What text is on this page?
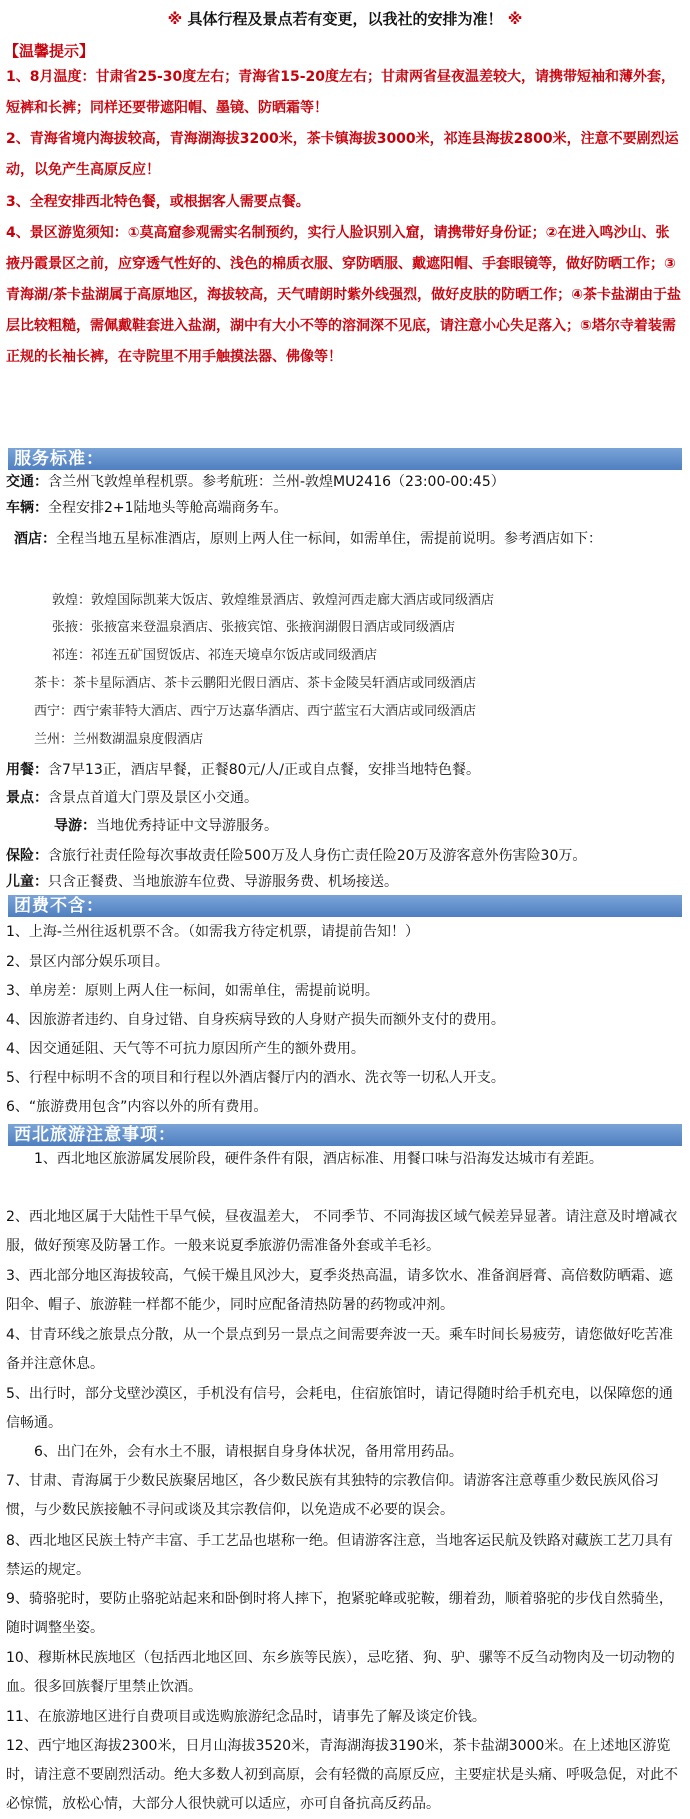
※ 具体行程及景点若有变更，以我社的安排为准！ ※
【温馨提示】
1、8月温度：甘肃省25-30度左右；青海省15-20度左右；甘肃两省昼夜温差较大，请携带短袖和薄外套，短裤和长裤；同样还要带遮阳帽、墨镜、防晒霜等！
2、青海省境内海拔较高，青海湖海拔3200米，茶卡镇海拔3000米，祁连县海拔2800米，注意不要剧烈运动，以免产生高原反应！
3、全程安排西北特色餐，或根据客人需要点餐。
4、景区游览须知：①莫高窟参观需实名制预约，实行人脸识别入窟，请携带好身份证；②在进入鸣沙山、张掖丹霞景区之前，应穿透气性好的、浅色的棉质衣服、穿防晒服、戴遮阳帽、手套眼镜等，做好防晒工作；③青海湖/茶卡盐湖属于高原地区，海拔较高，天气晴朗时紫外线强烈，做好皮肤的防晒工作；④茶卡盐湖由于盐层比较粗糙，需佩戴鞋套进入盐湖，湖中有大小不等的溶洞深不见底，请注意小心失足落入；⑤塔尔寺着装需正规的长袖长裤，在寺院里不用手触摸法器、佛像等！
服务标准：
交通：含兰州飞敦煌单程机票。参考航班：兰州-敦煌MU2416（23:00-00:45）
车辆：全程安排2+1陆地头等舱高端商务车。
酒店：全程当地五星标准酒店，原则上两人住一标间，如需单住，需提前说明。参考酒店如下：
敦煌：敦煌国际凯莱大饭店、敦煌维景酒店、敦煌河西走廊大酒店或同级酒店
张掖：张掖富来登温泉酒店、张掖宾馆、张掖润湖假日酒店或同级酒店
祁连：祁连五矿国贸饭店、祁连天境卓尔饭店或同级酒店
茶卡：茶卡星际酒店、茶卡云鹏阳光假日酒店、茶卡金陵吴轩酒店或同级酒店
西宁：西宁索菲特大酒店、西宁万达嘉华酒店、西宁蓝宝石大酒店或同级酒店
兰州：兰州数湖温泉度假酒店
用餐：含7早13正，酒店早餐，正餐80元/人/正或自点餐，安排当地特色餐。
景点：含景点首道大门票及景区小交通。
导游：当地优秀持证中文导游服务。
保险：含旅行社责任险每次事故责任险500万及人身伤亡责任险20万及游客意外伤害险30万。
儿童：只含正餐费、当地旅游车位费、导游服务费、机场接送。
团费不含：
1、上海-兰州往返机票不含。（如需我方待定机票，请提前告知！）
2、景区内部分娱乐项目。
3、单房差：原则上两人住一标间，如需单住，需提前说明。
4、因旅游者违约、自身过错、自身疾病导致的人身财产损失而额外支付的费用。
4、因交通延阻、天气等不可抗力原因所产生的额外费用。
5、行程中标明不含的项目和行程以外酒店餐厅内的酒水、洗衣等一切私人开支。
6、“旅游费用包含”内容以外的所有费用。
西北旅游注意事项：
1、西北地区旅游属发展阶段，硬件条件有限，酒店标准、用餐口味与沿海发达城市有差距。
2、西北地区属于大陆性干旱气候，昼夜温差大， 不同季节、不同海拔区域气候差异显著。请注意及时增减衣服，做好预寒及防暑工作。一般来说夏季旅游仍需准备外套或羊毛衫。
3、西北部分地区海拔较高，气候干燥且风沙大，夏季炎热高温，请多饮水、准备润唇膏、高倍数防晒霜、遮阳伞、帽子、旅游鞋一样都不能少，同时应配备清热防暑的药物或冲剂。
4、甘青环线之旅景点分散，从一个景点到另一景点之间需要奔波一天。乘车时间长易疲劳，请您做好吃苦准备并注意休息。
5、出行时，部分戈壁沙漠区，手机没有信号，会耗电，住宿旅馆时，请记得随时给手机充电，以保障您的通信畅通。
6、出门在外，会有水土不服，请根据自身身体状况，备用常用药品。
7、甘肃、青海属于少数民族聚居地区，各少数民族有其独特的宗教信仰。请游客注意尊重少数民族风俗习惯，与少数民族接触不寻问或谈及其宗教信仰，以免造成不必要的误会。
8、西北地区民族土特产丰富、手工艺品也堪称一绝。但请游客注意，当地客运民航及铁路对藏族工艺刀具有禁运的规定。
9、骑骆驼时，要防止骆驼站起来和卧倒时将人摔下，抱紧驼峰或驼鞍，绷着劲，顺着骆驼的步伐自然骑坐，随时调整坐姿。
10、穆斯林民族地区（包括西北地区回、东乡族等民族），忌吃猪、狗、驴、骡等不反刍动物肉及一切动物的血。很多回族餐厅里禁止饮酒。
11、在旅游地区进行自费项目或选购旅游纪念品时，请事先了解及谈定价钱。
12、西宁地区海拔2300米，日月山海拔3520米，青海湖海拔3190米，茶卡盐湖3000米。在上述地区游览时，请注意不要剧烈活动。绝大多数人初到高原，会有轻微的高原反应，主要症状是头痛、呼吸急促，对此不必惊慌，放松心情，大部分人很快就可以适应，亦可自备抗高反药品。
